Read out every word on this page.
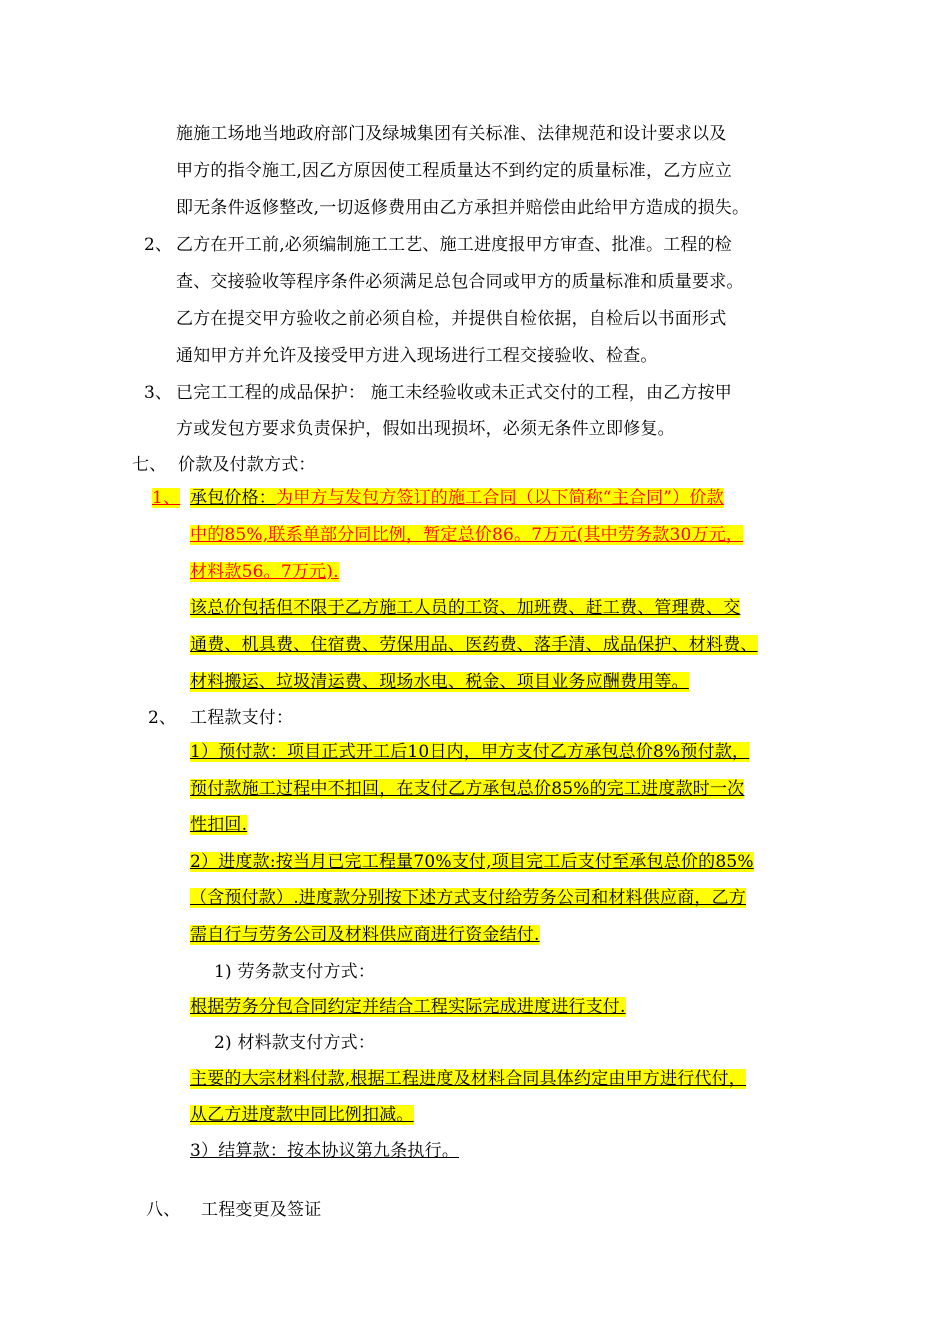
施施工场地当地政府部门及绿城集团有关标准、法律规范和设计要求以及
甲方的指令施工,因乙方原因使工程质量达不到约定的质量标准，乙方应立
即无条件返修整改,一切返修费用由乙方承担并赔偿由此给甲方造成的损失。
2、 乙方在开工前,必须编制施工工艺、施工进度报甲方审查、批准。工程的检
查、交接验收等程序条件必须满足总包合同或甲方的质量标准和质量要求。
乙方在提交甲方验收之前必须自检，并提供自检依据，自检后以书面形式
通知甲方并允许及接受甲方进入现场进行工程交接验收、检查。
3、 已完工工程的成品保护： 施工未经验收或未正式交付的工程，由乙方按甲
方或发包方要求负责保护，假如出现损坏，必须无条件立即修复。
七、 价款及付款方式：
1、 承包价格：为甲方与发包方签订的施工合同（以下简称“主合同”）价款
中的85%,联系单部分同比例，暂定总价86。7万元(其中劳务款30万元，
材料款56。7万元).
该总价包括但不限于乙方施工人员的工资、加班费、赶工费、管理费、交
通费、机具费、住宿费、劳保用品、医药费、落手清、成品保护、材料费、
材料搬运、垃圾清运费、现场水电、税金、项目业务应酬费用等。
2、 工程款支付：
1）预付款：项目正式开工后10日内，甲方支付乙方承包总价8%预付款，
预付款施工过程中不扣回，在支付乙方承包总价85%的完工进度款时一次
性扣回.
2）进度款:按当月已完工程量70%支付,项目完工后支付至承包总价的85%
（含预付款）.进度款分别按下述方式支付给劳务公司和材料供应商，乙方
需自行与劳务公司及材料供应商进行资金结付.
1) 劳务款支付方式：
根据劳务分包合同约定并结合工程实际完成进度进行支付.
2) 材料款支付方式：
主要的大宗材料付款,根据工程进度及材料合同具体约定由甲方进行代付，
从乙方进度款中同比例扣减。
3）结算款：按本协议第九条执行。
八、 工程变更及签证
